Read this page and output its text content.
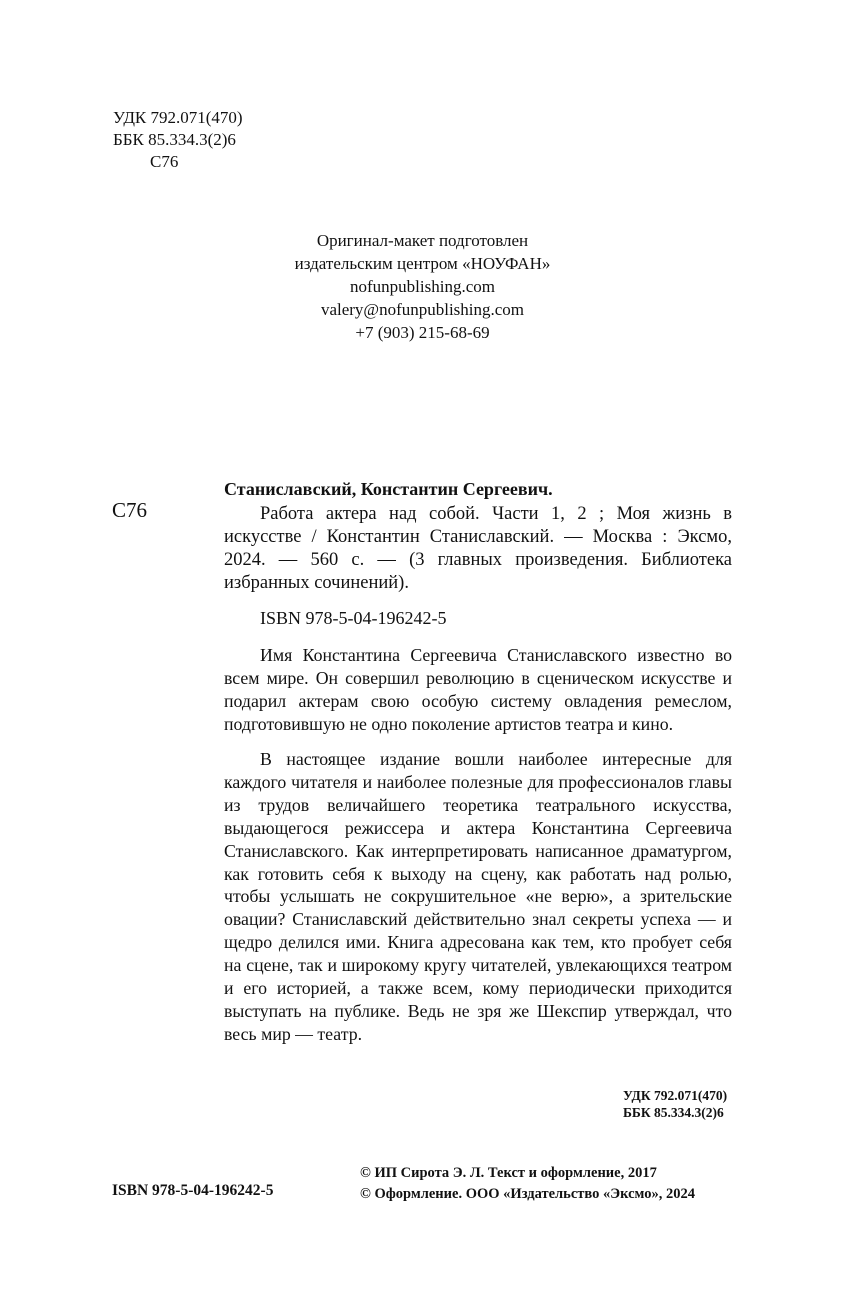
УДК 792.071(470)
ББК 85.334.3(2)6
С76
Оригинал-макет подготовлен
издательским центром «НОУФАН»
nofunpublishing.com
valery@nofunpublishing.com
+7 (903) 215-68-69
С76
Станиславский, Константин Сергеевич.
Работа актера над собой. Части 1, 2 ; Моя жизнь в искусстве / Константин Станиславский. — Москва : Эксмо, 2024. — 560 с. — (3 главных произведения. Библиотека избранных сочинений).
ISBN 978-5-04-196242-5
Имя Константина Сергеевича Станиславского известно во всем мире. Он совершил революцию в сценическом искусстве и подарил актерам свою особую систему овладения ремеслом, подготовившую не одно поколение артистов театра и кино.
В настоящее издание вошли наиболее интересные для каждого читателя и наиболее полезные для профессионалов главы из трудов величайшего теоретика театрального искусства, выдающегося режиссера и актера Константина Сергеевича Станиславского. Как интерпретировать написанное драматургом, как готовить себя к выходу на сцену, как работать над ролью, чтобы услышать не сокрушительное «не верю», а зрительские овации? Станиславский действительно знал секреты успеха — и щедро делился ими. Книга адресована как тем, кто пробует себя на сцене, так и широкому кругу читателей, увлекающихся театром и его историей, а также всем, кому периодически приходится выступать на публике. Ведь не зря же Шекспир утверждал, что весь мир — театр.
УДК 792.071(470)
ББК 85.334.3(2)6
ISBN 978-5-04-196242-5
© ИП Сирота Э. Л. Текст и оформление, 2017
© Оформление. ООО «Издательство «Эксмо», 2024
